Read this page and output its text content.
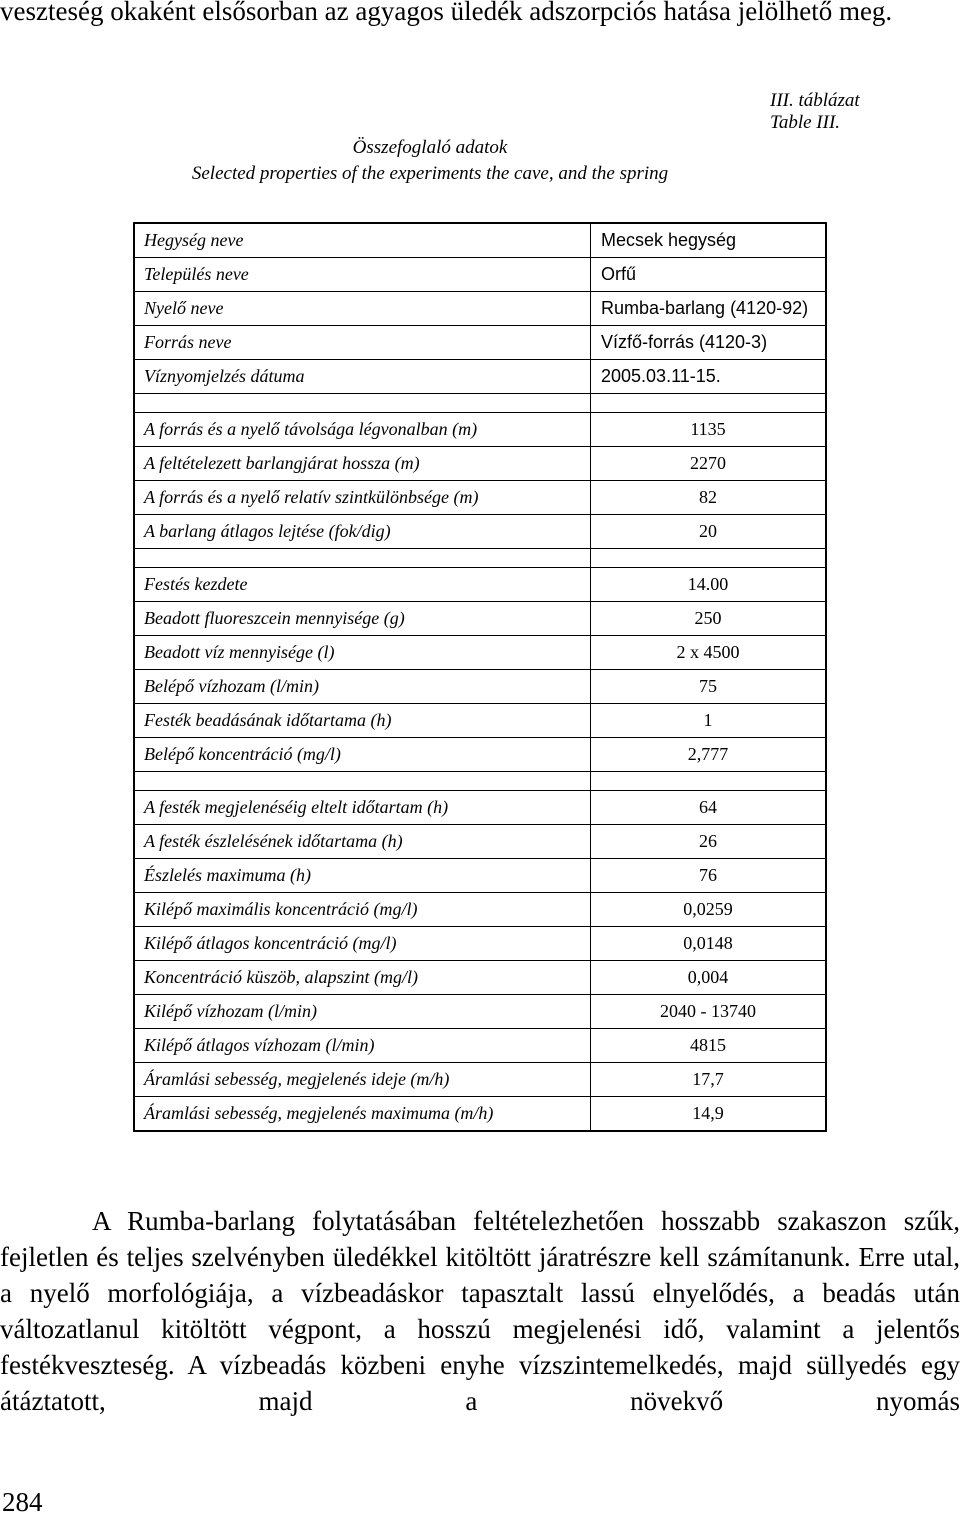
veszteség okaként elsősorban az agyagos üledék adszorpciós hatása jelölhető meg.
III. táblázat
Table III.
Összefoglaló adatok
Selected properties of the experiments the cave, and the spring
Hegység neve	Mecsek hegység
Település neve	Orfű
Nyelő neve	Rumba-barlang (4120-92)
Forrás neve	Vízfő-forrás (4120-3)
Víznyomjelzés dátuma	2005.03.11-15.

A forrás és a nyelő távolsága légvonalban (m)	1135
A feltételezett barlangjárat hossza (m)	2270
A forrás és a nyelő relatív szintkülönbsége (m)	82
A barlang átlagos lejtése (fok/dig)	20

Festés kezdete	14.00
Beadott fluoreszcein mennyisége (g)	250
Beadott víz mennyisége (l)	2 x 4500
Belépő vízhozam (l/min)	75
Festék beadásának időtartama (h)	1
Belépő koncentráció (mg/l)	2,777

A festék megjelenéséig eltelt időtartam (h)	64
A festék észlelésének időtartama (h)	26
Észlelés maximuma (h)	76
Kilépő maximális koncentráció (mg/l)	0,0259
Kilépő átlagos koncentráció (mg/l)	0,0148
Koncentráció küszöb, alapszint (mg/l)	0,004
Kilépő vízhozam (l/min)	2040 - 13740
Kilépő átlagos vízhozam (l/min)	4815
Áramlási sebesség, megjelenés ideje (m/h)	17,7
Áramlási sebesség, megjelenés maximuma (m/h)	14,9

A Rumba-barlang folytatásában feltételezhetően hosszabb szakaszon szűk, fejletlen és teljes szelvényben üledékkel kitöltött járatrészre kell számítanunk. Erre utal, a nyelő morfológiája, a vízbeadáskor tapasztalt lassú elnyelődés, a beadás után változatlanul kitöltött végpont, a hosszú megjelenési idő, valamint a jelentős festékveszteség. A vízbeadás közbeni enyhe vízszintemelkedés, majd süllyedés egy átáztatott, majd a növekvő nyomás

284
